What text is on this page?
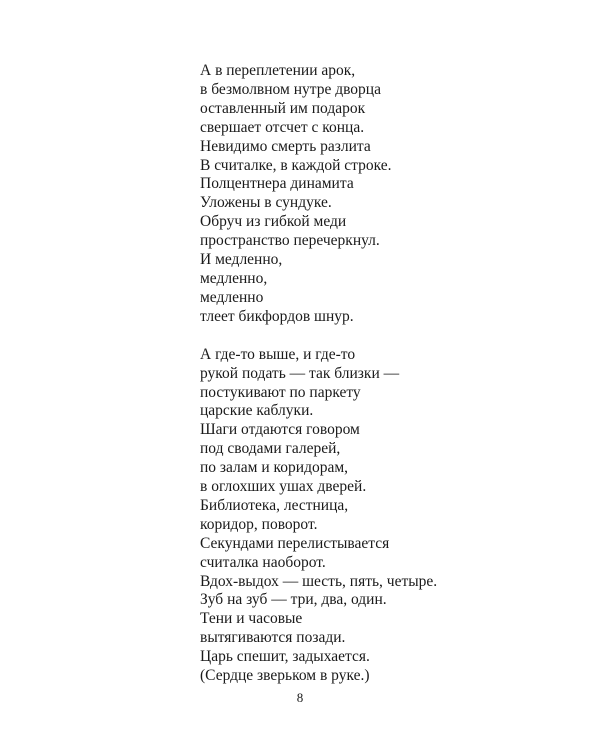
А в переплетении арок,
в безмолвном нутре дворца
оставленный им подарок
свершает отсчет с конца.
Невидимо смерть разлита
В считалке, в каждой строке.
Полцентнера динамита
Уложены в сундуке.
Обруч из гибкой меди
пространство перечеркнул.
И медленно,
медленно,
медленно
тлеет бикфордов шнур.
А где-то выше, и где-то
рукой подать — так близки —
постукивают по паркету
царские каблуки.
Шаги отдаются говором
под сводами галерей,
по залам и коридорам,
в оглохших ушах дверей.
Библиотека, лестница,
коридор, поворот.
Секундами перелистывается
считалка наоборот.
Вдох-выдох — шесть, пять, четыре.
Зуб на зуб — три, два, один.
Тени и часовые
вытягиваются позади.
Царь спешит, задыхается.
(Сердце зверьком в руке.)
8
